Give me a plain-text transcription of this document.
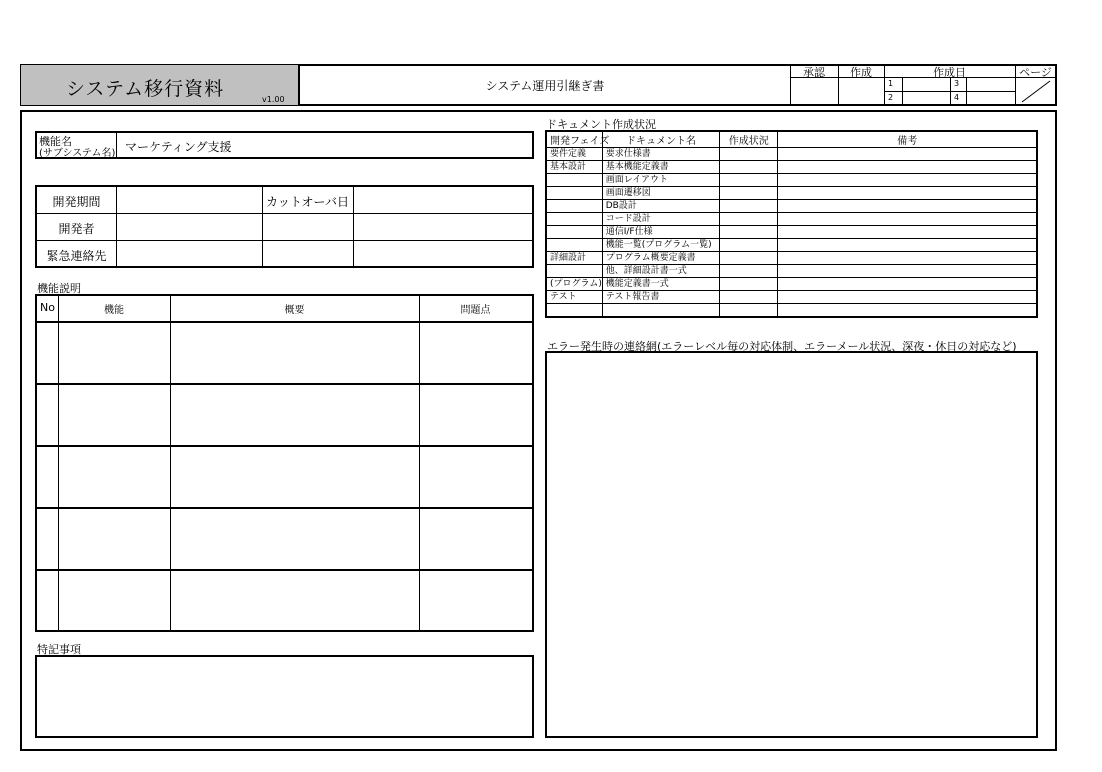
システム移行資料	v1.00
システム運用引継ぎ書
承認	作成	作成日	ページ
1
2
3
4
機能名
(サブシステム名) マーケティング支援
開発期間	カットオーバ日
開発者
緊急連絡先
機能説明
No	機能	概要	問題点
特記事項
ドキュメント作成状況
開発フェイズ	ドキュメント名	作成状況	備考
要件定義	要求仕様書		
基本設計	基本機能定義書		
	画面レイアウト		
	画面遷移図		
	DB設計		
	コード設計		
	通信I/F仕様		
	機能一覧(プログラム一覧)		
詳細設計	プログラム概要定義書		
	他、詳細設計書一式		
(プログラム)	機能定義書一式		
テスト	テスト報告書		

エラー発生時の連絡網(エラーレベル毎の対応体制、エラーメール状況、深夜・休日の対応など)
